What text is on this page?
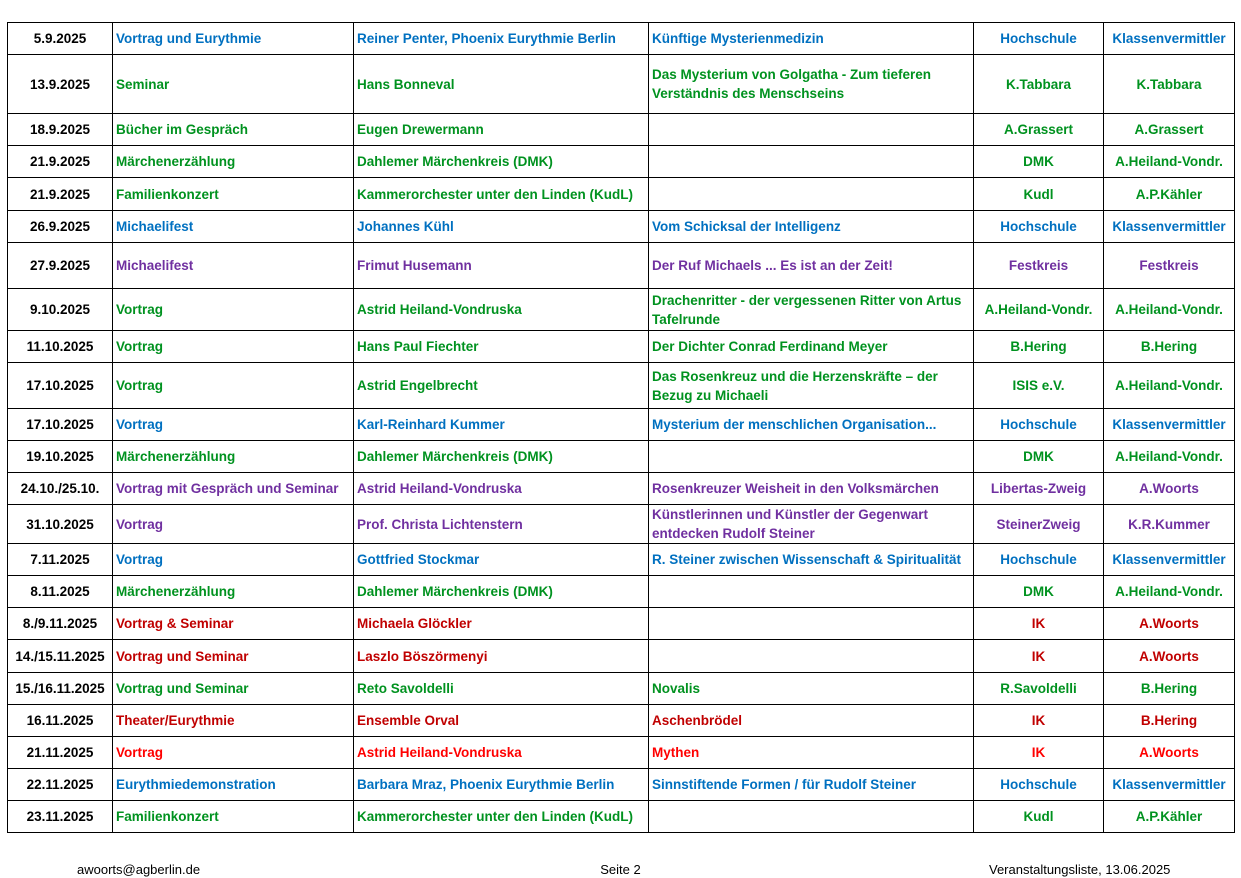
5.9.2025	Vortrag und Eurythmie	Reiner Penter, Phoenix Eurythmie Berlin	Künftige Mysterienmedizin	Hochschule	Klassenvermittler
13.9.2025	Seminar	Hans Bonneval	Das Mysterium von Golgatha - Zum tieferen Verständnis des Menschseins	K.Tabbara	K.Tabbara
18.9.2025	Bücher im Gespräch	Eugen Drewermann		A.Grassert	A.Grassert
21.9.2025	Märchenerzählung	Dahlemer Märchenkreis (DMK)		DMK	A.Heiland-Vondr.
21.9.2025	Familienkonzert	Kammerorchester unter den Linden (KudL)		Kudl	A.P.Kähler
26.9.2025	Michaelifest	Johannes Kühl	Vom Schicksal der Intelligenz	Hochschule	Klassenvermittler
27.9.2025	Michaelifest	Frimut Husemann	Der Ruf Michaels ... Es ist an der Zeit!	Festkreis	Festkreis
9.10.2025	Vortrag	Astrid Heiland-Vondruska	Drachenritter - der vergessenen Ritter von Artus Tafelrunde	A.Heiland-Vondr.	A.Heiland-Vondr.
11.10.2025	Vortrag	Hans Paul Fiechter	Der Dichter Conrad Ferdinand Meyer	B.Hering	B.Hering
17.10.2025	Vortrag	Astrid Engelbrecht	Das Rosenkreuz und die Herzenskräfte – der Bezug zu Michaeli	ISIS e.V.	A.Heiland-Vondr.
17.10.2025	Vortrag	Karl-Reinhard Kummer	Mysterium der menschlichen Organisation...	Hochschule	Klassenvermittler
19.10.2025	Märchenerzählung	Dahlemer Märchenkreis (DMK)		DMK	A.Heiland-Vondr.
24.10./25.10.	Vortrag mit Gespräch und Seminar	Astrid Heiland-Vondruska	Rosenkreuzer Weisheit in den Volksmärchen	Libertas-Zweig	A.Woorts
31.10.2025	Vortrag	Prof. Christa Lichtenstern	Künstlerinnen und Künstler der Gegenwart entdecken Rudolf Steiner	SteinerZweig	K.R.Kummer
7.11.2025	Vortrag	Gottfried Stockmar	R. Steiner zwischen Wissenschaft & Spiritualität	Hochschule	Klassenvermittler
8.11.2025	Märchenerzählung	Dahlemer Märchenkreis (DMK)		DMK	A.Heiland-Vondr.
8./9.11.2025	Vortrag & Seminar	Michaela Glöckler		IK	A.Woorts
14./15.11.2025	Vortrag und Seminar	Laszlo Böszörmenyi		IK	A.Woorts
15./16.11.2025	Vortrag und Seminar	Reto Savoldelli	Novalis	R.Savoldelli	B.Hering
16.11.2025	Theater/Eurythmie	Ensemble Orval	Aschenbrödel	IK	B.Hering
21.11.2025	Vortrag	Astrid Heiland-Vondruska	Mythen	IK	A.Woorts
22.11.2025	Eurythmiedemonstration	Barbara Mraz, Phoenix Eurythmie Berlin	Sinnstiftende Formen / für Rudolf Steiner	Hochschule	Klassenvermittler
23.11.2025	Familienkonzert	Kammerorchester unter den Linden (KudL)		Kudl	A.P.Kähler
awoorts@agberlin.de	Seite 2	Veranstaltungsliste, 13.06.2025
